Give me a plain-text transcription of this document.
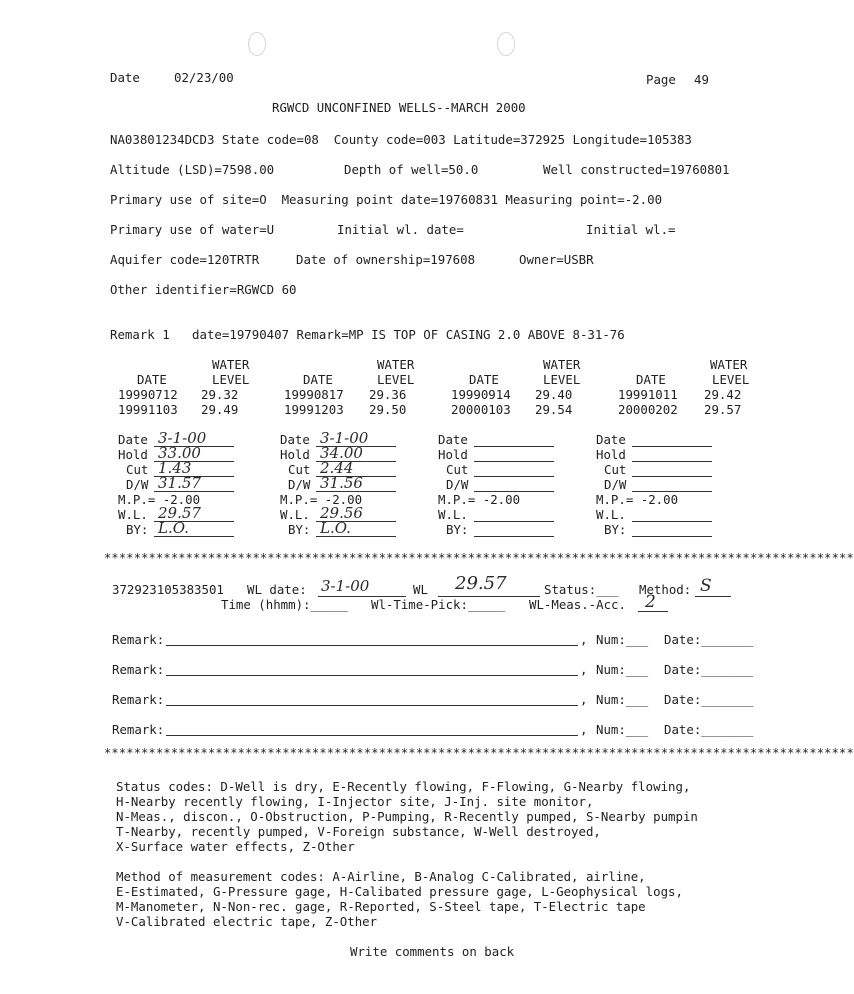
Date	02/23/00	Page 49
RGWCD UNCONFINED WELLS--MARCH 2000
NA03801234DCD3 State code=08  County code=003 Latitude=372925 Longitude=105383
Altitude (LSD)=7598.00	Depth of well=50.0	Well constructed=19760801
Primary use of site=O  Measuring point date=19760831 Measuring point=-2.00
Primary use of water=U	Initial wl. date=	Initial wl.=
Aquifer code=120TRTR	Date of ownership=197608	Owner=USBR
Other identifier=RGWCD 60
Remark 1   date=19790407 Remark=MP IS TOP OF CASING 2.0 ABOVE 8-31-76
WATER	WATER	WATER	WATER
DATE	LEVEL	DATE	LEVEL	DATE	LEVEL	DATE	LEVEL
19990712 29.32	19990817 29.36	19990914 29.40	19991011 29.42
19991103 29.49	19991203 29.50	20000103 29.54	20000202 29.57
Date 3-1-00
Hold 33.00
Cut 1.43
D/W 31.57
M.P.= -2.00
W.L. 29.57
BY: L.O.
Date 3-1-00
Hold 34.00
Cut 2.44
D/W 31.56
M.P.= -2.00
W.L. 29.56
BY: L.O.
Date
Hold
Cut
D/W
M.P.= -2.00
W.L.
BY:
Date
Hold
Cut
D/W
M.P.= -2.00
W.L.
BY:
*****************************************************************************************************
372923105383501 WL date: 3-1-00	WL 29.57	Status:___ Method: S
Time (hhmm):_____ Wl-Time-Pick:_____ WL-Meas.-Acc. 2
Remark:	, Num:___ Date:_______
Remark:	, Num:___ Date:_______
Remark:	, Num:___ Date:_______
Remark:	, Num:___ Date:_______
*****************************************************************************************************
Status codes: D-Well is dry, E-Recently flowing, F-Flowing, G-Nearby flowing,
H-Nearby recently flowing, I-Injector site, J-Inj. site monitor,
N-Meas., discon., O-Obstruction, P-Pumping, R-Recently pumped, S-Nearby pumpin
T-Nearby, recently pumped, V-Foreign substance, W-Well destroyed,
X-Surface water effects, Z-Other
Method of measurement codes: A-Airline, B-Analog C-Calibrated, airline,
E-Estimated, G-Pressure gage, H-Calibated pressure gage, L-Geophysical logs,
M-Manometer, N-Non-rec. gage, R-Reported, S-Steel tape, T-Electric tape
V-Calibrated electric tape, Z-Other
Write comments on back
